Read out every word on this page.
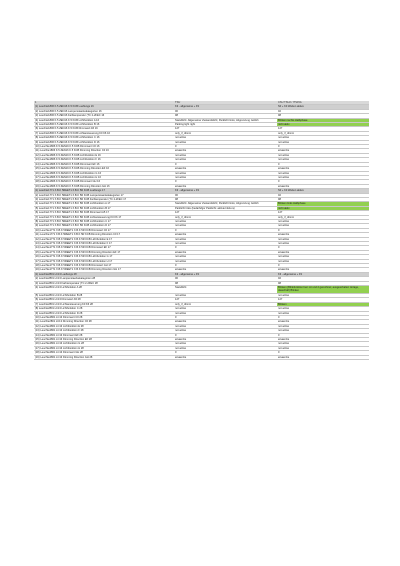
1	TSU	CSU TSU2 / ITS15A
(1) Leuchte1806 K.5 ZEN16 K.5 KCB Lueftungs 16	K3 - allgemeine + F3	S0 + K3 Warten aktive
(2) Leuchte1806 K.5 ZEN16 Lampenstaerkekategorien 16	00	02
(3) Leuchte1806 K.5 ZEN16 Farbtemperatur (TC 2-2FEC 16	98	98
(4) Leuchte1806 K.5 ZEN16 K.5 KCB Lichtfunktion A 16	Standlicht: Allgemeiner Zustandslicht; Parklicht links; Abgrenzung zeitlich	Blinken rechts Halbphase
(5) Leuchte1806 K.5 ZEN16 K.5 KCB Lichtfunktion B 16	Parking light right	nicht aktiv
(6) Leuchte1806 K.5 ZEN16 K.5 KCB Dimmwert A5 16	127	127
(7) Leuchte1806 K.5 ZEN16 K.5 KCB Lichtansteuerung K0 K6 16	only_if_dimmi	only_if_dimmi
(8) Leuchte1806 K.5 ZEN16 K.5 KCB Lichtfunktion C 16	not active	not active
(9) Leuchte1806 K.5 ZEN16 K.5 KCB Lichtfunktion D 16	not active	not active
(10) Leuchte1806 K.5 ZEN16 K.5 KCB Dimmwert C0 16	0	0
(11) Leuchte1806 K.5 ZEN16 K.5 KCB Dimming Direction C0 16	ersaenzie	ersaenzie
(12) Leuchte1806 K.5 ZEN16 K.5 KCB Lichtfunktion E 16	not active	not active
(13) Leuchte1806 K.5 ZEN16 K.5 KCB Lichtfunktion F 16	not active	not active
(14) Leuchte1806 K.5 ZEN16 K.5 KCB Dimmwert EF 16	0	0
(15) Leuchte1806 K.5 ZEN16 K.5 KCB Dimming Direction EF 16	ersaenzie	ersaenzie
(16) Leuchte1806 K.5 ZEN16 K.5 KCB Lichtfunktion G 16	not active	not active
(17) Leuchte1806 K.5 ZEN16 K.5 KCB Lichtfunktion H 16	not active	not active
(18) Leuchte1806 K.5 ZEN16 K.5 KCB Dimmwert GH 16	0	0
(19) Leuchte1806 K.5 ZEN16 K.5 KCB Dimming Direction GH 16	ersaenzie	ersaenzie
(1) Leuchte1771 X.B.K 5REET1 X.B.K 5R KCB Lueftungs 17	K3 - allgemeine + F3	S0 + K3 Warten aktive
(2) Leuchte1771 X.B.K 5REET1 X.B.K 5R KCB Lampenstaerkekategorien 17	00	02
(3) Leuchte1771 X.B.K 5REET1 X.B.K 5R KCB Farbtemperatur (TC 2-2FEC 17	98	98
(4) Leuchte1771 X.B.K 5REET1 X.B.K 5R KCB Lichtfunktion A 17	Standlicht: Allgemeiner Zustandslicht; Parklicht links; Abgrenzung zeitlich	Blinken links Halbphase
(5) Leuchte1771 X.B.K 5REET1 X.B.K 5R KCB Lichtfunktion B 17	Parklicht links (bedarfsfgsr Parklicht: aktiviert Els.ra)	nicht aktiv
(6) Leuchte1771 X.B.K 5REET1 X.B.K 5R KCB Dimmwert A5 17	127	127
(7) Leuchte1771 X.B.K 5REET1 X.B.K 5R KCB Lichtansteuerung K0 K6 17	only_if_dimmi	only_if_dimmi
(8) Leuchte1771 X.B.K 5REET1 X.B.K 5R KCB Lichtfunktion C 17	not active	not active
(9) Leuchte1771 X.B.K 5REET1 X.B.K 5R KCB Lichtfunktion D 17	not active	not active
(10) Leuchte1771 X.B.K 5REET1 X.B.K 5R KCB Dimmwert C0 17	0	0
(11) Leuchte1771 X.B.K 5REET1 X.B.K 5R KCB Dimming Direction C0 17	ersaenzie	ersaenzie
(12) Leuchte1771 X.B.K 5REET1 X.B.K 5R KCB Lichtfunktion E 17	not active	not active
(13) Leuchte1771 X.B.K 5REET1 X.B.K 5R KCB Lichtfunktion F 17	not active	not active
(14) Leuchte1771 X.B.K 5REET1 X.B.K 5R KCB Dimmwert EF 17	0	0
(15) Leuchte1771 X.B.K 5REET1 X.B.K 5R KCB Dimming Direction EF 17	ersaenzie	ersaenzie
(16) Leuchte1771 X.B.K 5REET1 X.B.K 5R KCB Lichtfunktion G 17	not active	not active
(17) Leuchte1771 X.B.K 5REET1 X.B.K 5R KCB Lichtfunktion H 17	not active	not active
(18) Leuchte1771 X.B.K 5REET1 X.B.K 5R KCB Dimmwert GH 17	0	0
(19) Leuchte1771 X.B.K 5REET1 X.B.K 5R KCB Dimming Direction GH 17	ersaenzie	ersaenzie
(1) Leuchte2801 LC13 Lueftungs 28	K3 - allgemeine + F3	K3 - allgemeine + F3
(2) Leuchte2801 LC13 Lampenstaerkekategorien 28	00	02
(3) Leuchte2801 LC13 Farbtemperatur (TC 2-2FEC 28	98	98
(4) Leuchte2801 LC13 Lichtfunktion A 28	Standlicht	Blinken (Blinkfunktion fuer rot und 2 gerechnet; ausgeschaltet: Anlage, dauerhaft) Blinken
(5) Leuchte2801 LC13 Lichtfunktion B 28	not active	not active
(6) Leuchte2801 LC13 Dimmwert A5 28	127	127
(7) Leuchte2801 LC13 Lichtansteuerung K0 K6 28	only_if_dimmi	Blinken
(8) Leuchte2801 LC13 Lichtfunktion C 28	not active	not active
(9) Leuchte2801 LC13 Lichtfunktion D 28	not active	not active
(10) Leuchte2801 LC13 Dimmwert C0 28	0	0
(11) Leuchte2801 LC13 Dimming Direction C0 28	ersaenzie	ersaenzie
(12) Leuchte2801 LC13 Lichtfunktion E 28	not active	not active
(13) Leuchte2801 LC13 Lichtfunktion F 28	not active	not active
(14) Leuchte2801 LC13 Dimmwert EF 28	0	0
(15) Leuchte2801 LC13 Dimming Direction EF 28	ersaenzie	ersaenzie
(16) Leuchte2801 LC13 Lichtfunktion G 28	not active	not active
(17) Leuchte2801 LC13 Lichtfunktion H 28	not active	not active
(18) Leuchte2801 LC13 Dimmwert GH 28	0	0
(19) Leuchte2801 LC13 Dimming Direction GH 28	ersaenzie	ersaenzie
